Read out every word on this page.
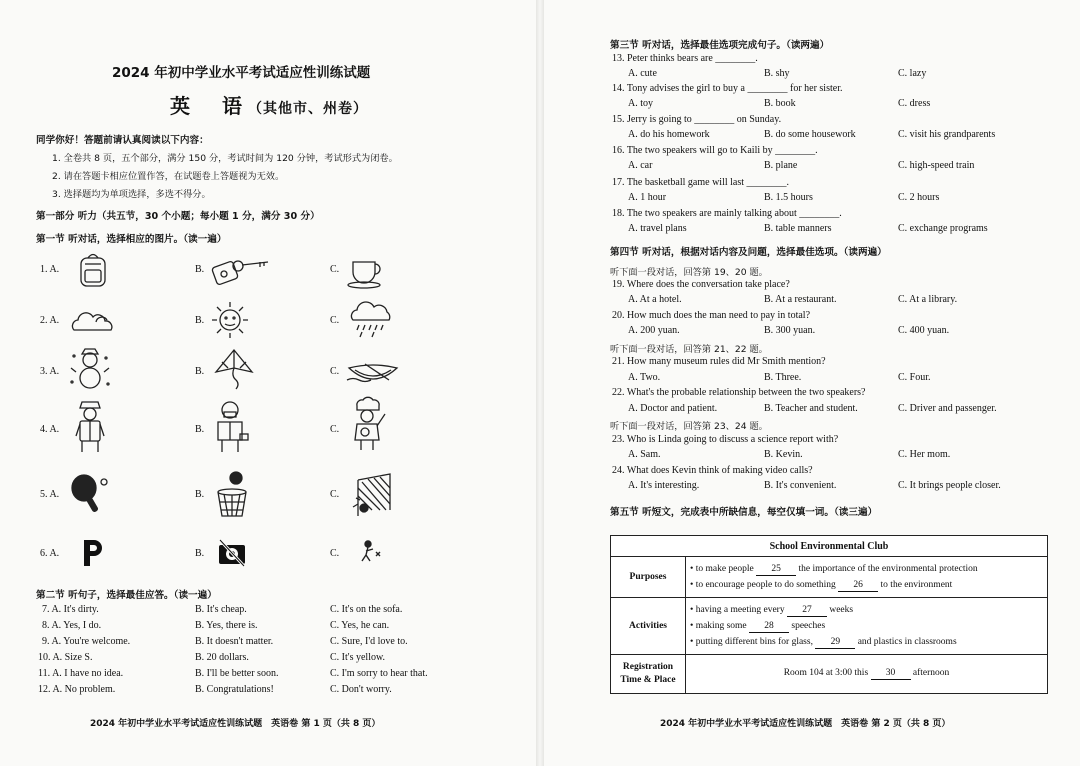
2024 年初中学业水平考试适应性训练试题
英　语（其他市、州卷）
同学你好！答题前请认真阅读以下内容：
1. 全卷共 8 页，五个部分，满分 150 分，考试时间为 120 分钟，考试形式为闭卷。
2. 请在答题卡相应位置作答，在试题卷上答题视为无效。
3. 选择题均为单项选择，多选不得分。
第一部分 听力（共五节，30 个小题；每小题 1 分，满分 30 分）
第一节 听对话，选择相应的图片。（读一遍）
1. A.	B.	C.
2. A.	B.	C.
3. A.	B.	C.
4. A.	B.	C.
5. A.	B.	C.
6. A.	B.	C.
第二节 听句子，选择最佳应答。（读一遍）
7. A. It's dirty.	B. It's cheap.	C. It's on the sofa.
8. A. Yes, I do.	B. Yes, there is.	C. Yes, he can.
9. A. You're welcome.	B. It doesn't matter.	C. Sure, I'd love to.
10. A. Size S.	B. 20 dollars.	C. It's yellow.
11. A. I have no idea.	B. I'll be better soon.	C. I'm sorry to hear that.
12. A. No problem.	B. Congratulations!	C. Don't worry.
2024 年初中学业水平考试适应性训练试题　英语卷 第 1 页（共 8 页）
第三节 听对话，选择最佳选项完成句子。（读两遍）
13. Peter thinks bears are ________.
A. cute	B. shy	C. lazy
14. Tony advises the girl to buy a ________ for her sister.
A. toy	B. book	C. dress
15. Jerry is going to ________ on Sunday.
A. do his homework	B. do some housework	C. visit his grandparents
16. The two speakers will go to Kaili by ________.
A. car	B. plane	C. high-speed train
17. The basketball game will last ________.
A. 1 hour	B. 1.5 hours	C. 2 hours
18. The two speakers are mainly talking about ________.
A. travel plans	B. table manners	C. exchange programs
第四节 听对话，根据对话内容及问题，选择最佳选项。（读两遍）
听下面一段对话，回答第 19、20 题。
19. Where does the conversation take place?
A. At a hotel.	B. At a restaurant.	C. At a library.
20. How much does the man need to pay in total?
A. 200 yuan.	B. 300 yuan.	C. 400 yuan.
听下面一段对话，回答第 21、22 题。
21. How many museum rules did Mr Smith mention?
A. Two.	B. Three.	C. Four.
22. What's the probable relationship between the two speakers?
A. Doctor and patient.	B. Teacher and student.	C. Driver and passenger.
听下面一段对话，回答第 23、24 题。
23. Who is Linda going to discuss a science report with?
A. Sam.	B. Kevin.	C. Her mom.
24. What does Kevin think of making video calls?
A. It's interesting.	B. It's convenient.	C. It brings people closer.
第五节 听短文，完成表中所缺信息，每空仅填一词。（读三遍）
School Environmental Club	
Purposes	• to make people 25 the importance of the environmental protection
• to encourage people to do something 26 to the environment

Activities	• having a meeting every 27 weeks
• making some 28 speeches
• putting different bins for glass, 29 and plastics in classrooms

Registration
Time & Place	Room 104 at 3:00 this 30 afternoon
2024 年初中学业水平考试适应性训练试题　英语卷 第 2 页（共 8 页）
